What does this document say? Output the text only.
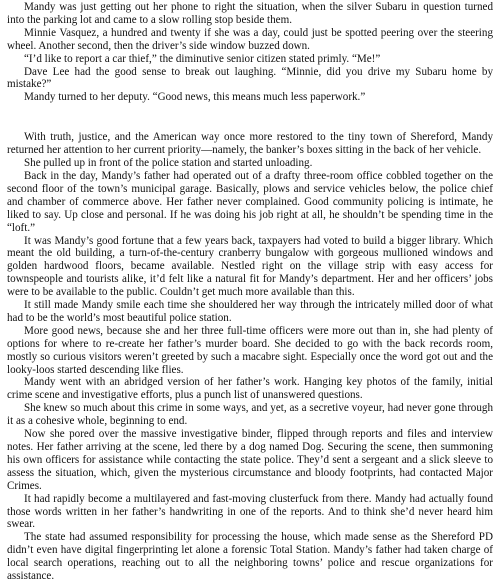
Mandy was just getting out her phone to right the situation, when the silver Subaru in question turned into the parking lot and came to a slow rolling stop beside them.

Minnie Vasquez, a hundred and twenty if she was a day, could just be spotted peering over the steering wheel. Another second, then the driver’s side window buzzed down.

“I’d like to report a car thief,” the diminutive senior citizen stated primly. “Me!”

Dave Lee had the good sense to break out laughing. “Minnie, did you drive my Subaru home by mistake?”

Mandy turned to her deputy. “Good news, this means much less paperwork.”

With truth, justice, and the American way once more restored to the tiny town of Shereford, Mandy returned her attention to her current priority—namely, the banker’s boxes sitting in the back of her vehicle.

She pulled up in front of the police station and started unloading.

Back in the day, Mandy’s father had operated out of a drafty three-room office cobbled together on the second floor of the town’s municipal garage. Basically, plows and service vehicles below, the police chief and chamber of commerce above. Her father never complained. Good community policing is intimate, he liked to say. Up close and personal. If he was doing his job right at all, he shouldn’t be spending time in the “loft.”

It was Mandy’s good fortune that a few years back, taxpayers had voted to build a bigger library. Which meant the old building, a turn-of-the-century cranberry bungalow with gorgeous mullioned windows and golden hardwood floors, became available. Nestled right on the village strip with easy access for townspeople and tourists alike, it’d felt like a natural fit for Mandy’s department. Her and her officers’ jobs were to be available to the public. Couldn’t get much more available than this.

It still made Mandy smile each time she shouldered her way through the intricately milled door of what had to be the world’s most beautiful police station.

More good news, because she and her three full-time officers were more out than in, she had plenty of options for where to re-create her father’s murder board. She decided to go with the back records room, mostly so curious visitors weren’t greeted by such a macabre sight. Especially once the word got out and the looky-loos started descending like flies.

Mandy went with an abridged version of her father’s work. Hanging key photos of the family, initial crime scene and investigative efforts, plus a punch list of unanswered questions.

She knew so much about this crime in some ways, and yet, as a secretive voyeur, had never gone through it as a cohesive whole, beginning to end.

Now she pored over the massive investigative binder, flipped through reports and files and interview notes. Her father arriving at the scene, led there by a dog named Dog. Securing the scene, then summoning his own officers for assistance while contacting the state police. They’d sent a sergeant and a slick sleeve to assess the situation, which, given the mysterious circumstance and bloody footprints, had contacted Major Crimes.

It had rapidly become a multilayered and fast-moving clusterfuck from there. Mandy had actually found those words written in her father’s handwriting in one of the reports. And to think she’d never heard him swear.

The state had assumed responsibility for processing the house, which made sense as the Shereford PD didn’t even have digital fingerprinting let alone a forensic Total Station. Mandy’s father had taken charge of local search operations, reaching out to all the neighboring towns’ police and rescue organizations for assistance.
